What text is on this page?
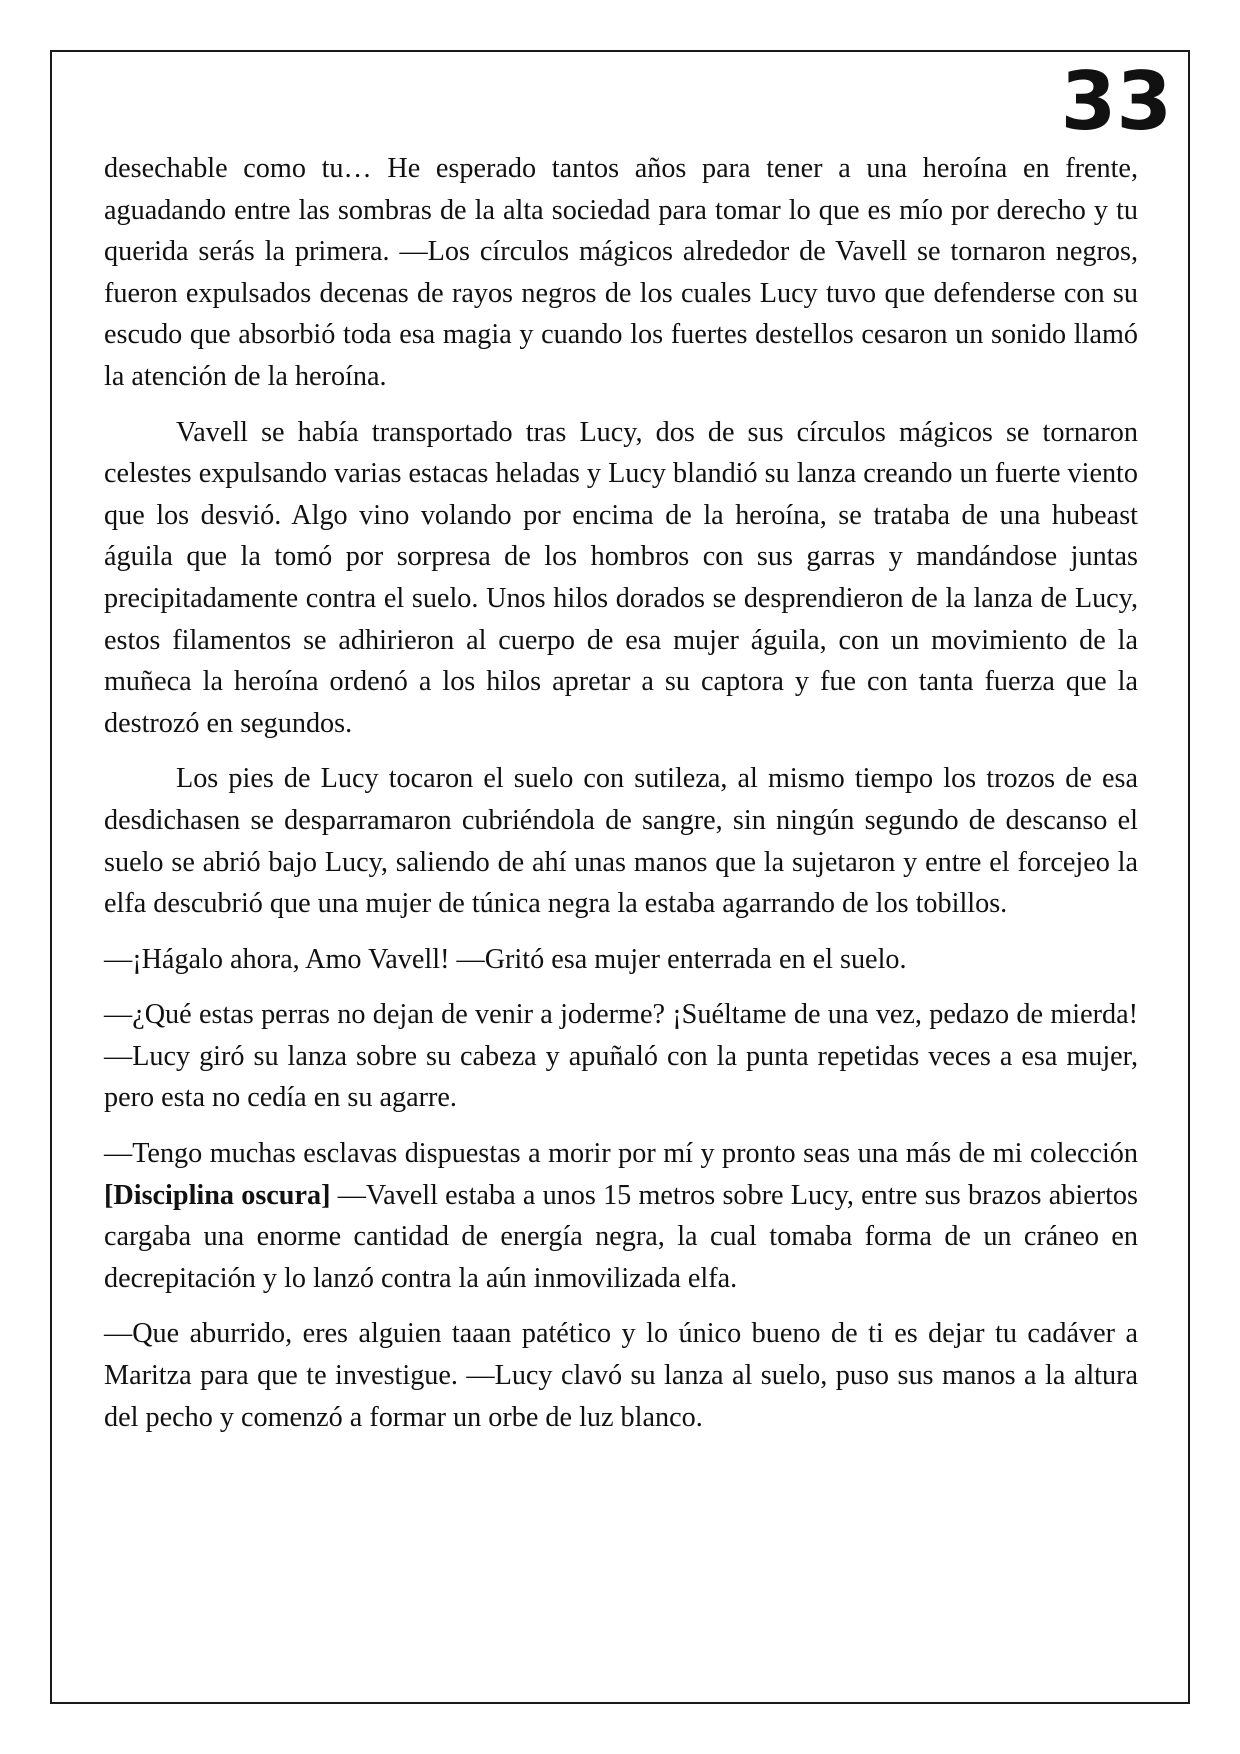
33

desechable como tu… He esperado tantos años para tener a una heroína en frente, aguadando entre las sombras de la alta sociedad para tomar lo que es mío por derecho y tu querida serás la primera. —Los círculos mágicos alrededor de Vavell se tornaron negros, fueron expulsados decenas de rayos negros de los cuales Lucy tuvo que defenderse con su escudo que absorbió toda esa magia y cuando los fuertes destellos cesaron un sonido llamó la atención de la heroína.

Vavell se había transportado tras Lucy, dos de sus círculos mágicos se tornaron celestes expulsando varias estacas heladas y Lucy blandió su lanza creando un fuerte viento que los desvió. Algo vino volando por encima de la heroína, se trataba de una hubeast águila que la tomó por sorpresa de los hombros con sus garras y mandándose juntas precipitadamente contra el suelo. Unos hilos dorados se desprendieron de la lanza de Lucy, estos filamentos se adhirieron al cuerpo de esa mujer águila, con un movimiento de la muñeca la heroína ordenó a los hilos apretar a su captora y fue con tanta fuerza que la destrozó en segundos.

Los pies de Lucy tocaron el suelo con sutileza, al mismo tiempo los trozos de esa desdichasen se desparramaron cubriéndola de sangre, sin ningún segundo de descanso el suelo se abrió bajo Lucy, saliendo de ahí unas manos que la sujetaron y entre el forcejeo la elfa descubrió que una mujer de túnica negra la estaba agarrando de los tobillos.

—¡Hágalo ahora, Amo Vavell! —Gritó esa mujer enterrada en el suelo.

—¿Qué estas perras no dejan de venir a joderme? ¡Suéltame de una vez, pedazo de mierda! —Lucy giró su lanza sobre su cabeza y apuñaló con la punta repetidas veces a esa mujer, pero esta no cedía en su agarre.

—Tengo muchas esclavas dispuestas a morir por mí y pronto seas una más de mi colección [Disciplina oscura] —Vavell estaba a unos 15 metros sobre Lucy, entre sus brazos abiertos cargaba una enorme cantidad de energía negra, la cual tomaba forma de un cráneo en decrepitación y lo lanzó contra la aún inmovilizada elfa.

—Que aburrido, eres alguien taaan patético y lo único bueno de ti es dejar tu cadáver a Maritza para que te investigue. —Lucy clavó su lanza al suelo, puso sus manos a la altura del pecho y comenzó a formar un orbe de luz blanco.
